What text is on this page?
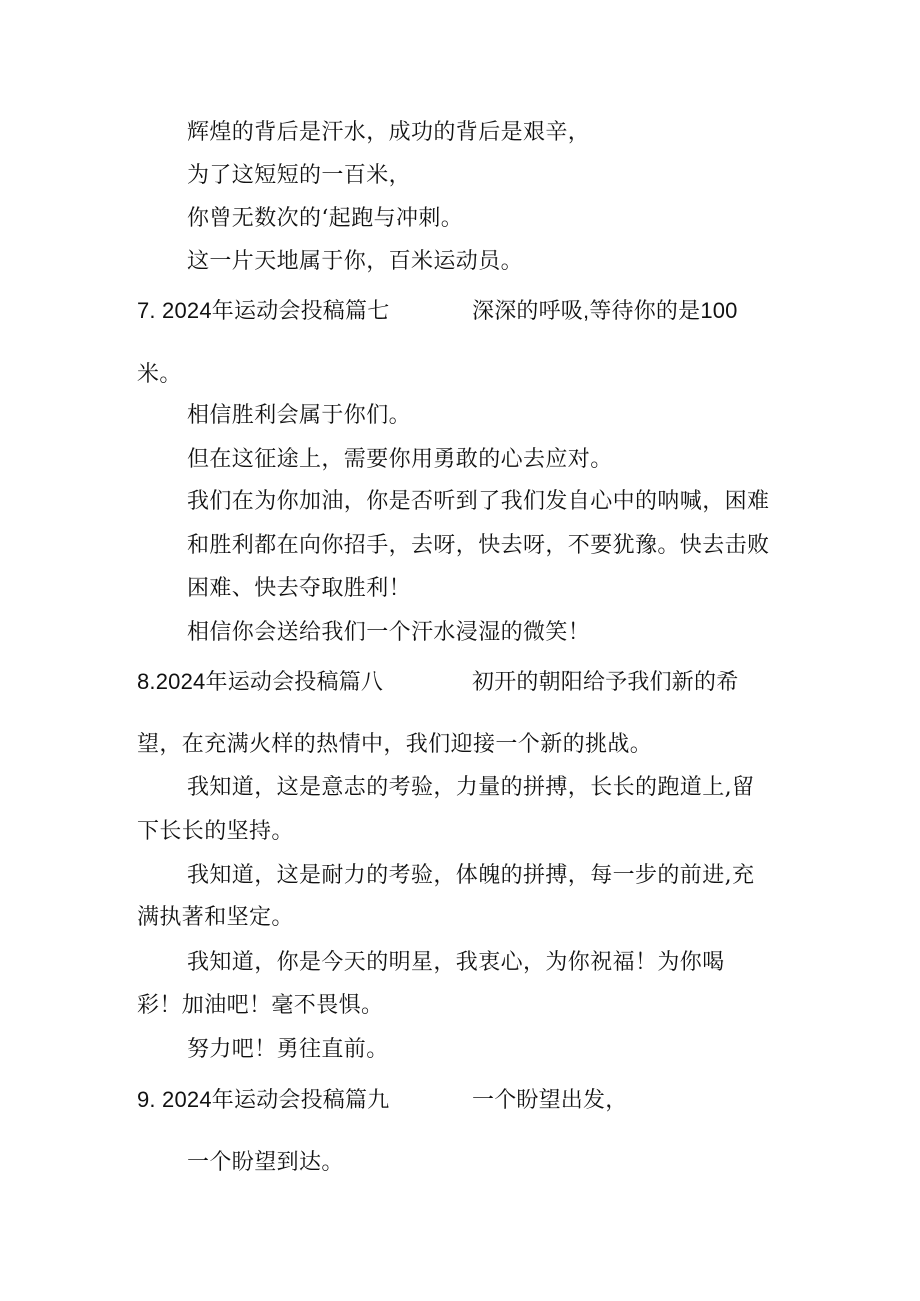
辉煌的背后是汗水，成功的背后是艰辛，
为了这短短的一百米，
你曾无数次的‘起跑与冲刺。
这一片天地属于你，百米运动员。
7. 2024年运动会投稿篇七	深深的呼吸,等待你的是100
米。
相信胜利会属于你们。
但在这征途上，需要你用勇敢的心去应对。
我们在为你加油，你是否听到了我们发自心中的呐喊，困难
和胜利都在向你招手，去呀，快去呀，不要犹豫。快去击败
困难、快去夺取胜利！
相信你会送给我们一个汗水浸湿的微笑！
8.2024年运动会投稿篇八	初开的朝阳给予我们新的希
望，在充满火样的热情中，我们迎接一个新的挑战。
我知道，这是意志的考验，力量的拼搏，长长的跑道上,留
下长长的坚持。
我知道，这是耐力的考验，体魄的拼搏，每一步的前进,充
满执著和坚定。
我知道，你是今天的明星，我衷心，为你祝福！为你喝
彩！加油吧！毫不畏惧。
努力吧！勇往直前。
9. 2024年运动会投稿篇九	一个盼望出发，
一个盼望到达。
